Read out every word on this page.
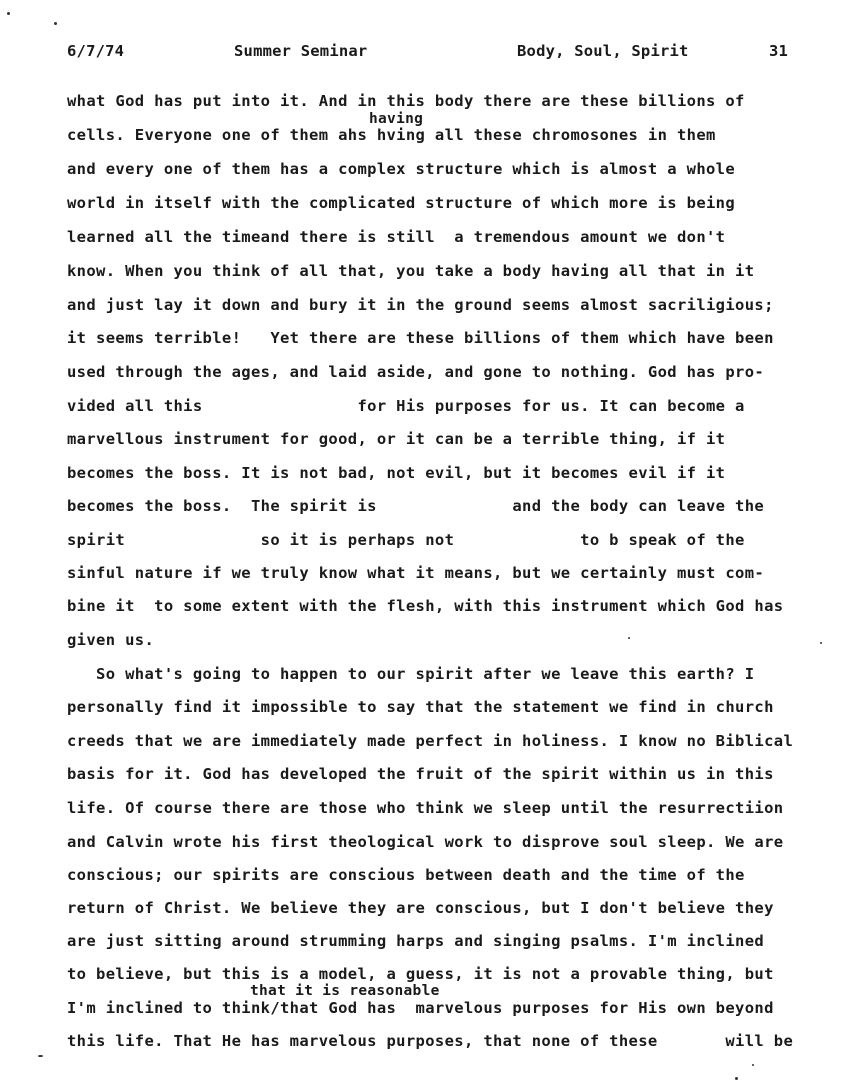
6/7/74	Summer Seminar	Body, Soul, Spirit	31
having
that it is reasonable
what God has put into it. And in this body there are these billions of
cells. Everyone one of them ahs hving all these chromosones in them
and every one of them has a complex structure which is almost a whole
world in itself with the complicated structure of which more is being
learned all the timeand there is still  a tremendous amount we don't
know. When you think of all that, you take a body having all that in it
and just lay it down and bury it in the ground seems almost sacriligious;
it seems terrible!   Yet there are these billions of them which have been
used through the ages, and laid aside, and gone to nothing. God has pro-
vided all this                for His purposes for us. It can become a
marvellous instrument for good, or it can be a terrible thing, if it
becomes the boss. It is not bad, not evil, but it becomes evil if it
becomes the boss.  The spirit is              and the body can leave the
spirit              so it is perhaps not             to b speak of the
sinful nature if we truly know what it means, but we certainly must com-
bine it  to some extent with the flesh, with this instrument which God has
given us.
So what's going to happen to our spirit after we leave this earth? I
personally find it impossible to say that the statement we find in church
creeds that we are immediately made perfect in holiness. I know no Biblical
basis for it. God has developed the fruit of the spirit within us in this
life. Of course there are those who think we sleep until the resurrectiion
and Calvin wrote his first theological work to disprove soul sleep. We are
conscious; our spirits are conscious between death and the time of the
return of Christ. We believe they are conscious, but I don't believe they
are just sitting around strumming harps and singing psalms. I'm inclined
to believe, but this is a model, a guess, it is not a provable thing, but
I'm inclined to think/that God has  marvelous purposes for His own beyond
this life. That He has marvelous purposes, that none of these       will be
